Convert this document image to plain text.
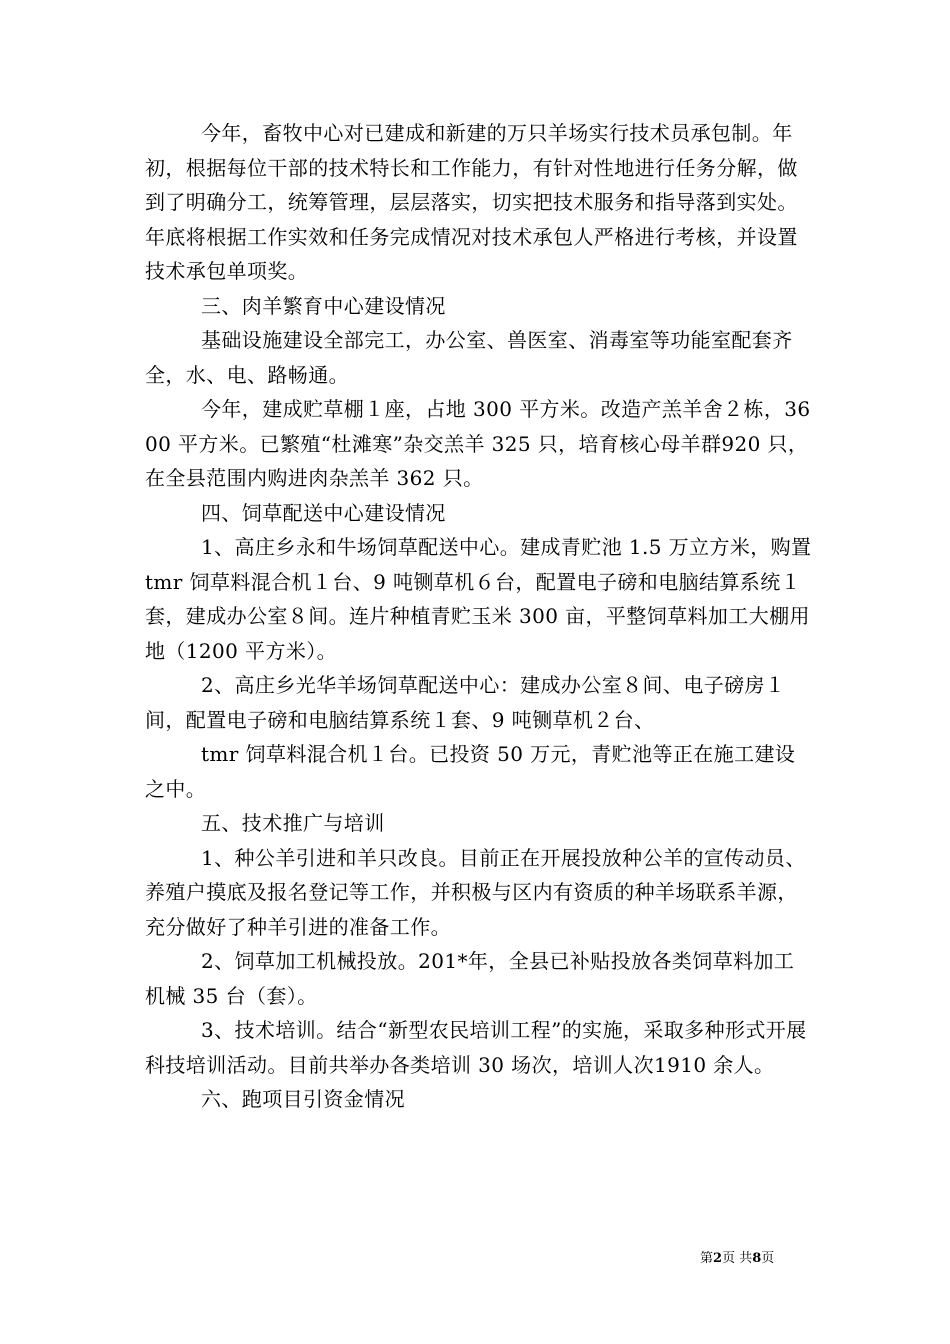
今年，畜牧中心对已建成和新建的万只羊场实行技术员承包制。年初，根据每位干部的技术特长和工作能力，有针对性地进行任务分解，做到了明确分工，统筹管理，层层落实，切实把技术服务和指导落到实处。年底将根据工作实效和任务完成情况对技术承包人严格进行考核，并设置技术承包单项奖。

三、肉羊繁育中心建设情况

基础设施建设全部完工，办公室、兽医室、消毒室等功能室配套齐全，水、电、路畅通。

今年，建成贮草棚１座，占地 300 平方米。改造产羔羊舍２栋，3600 平方米。已繁殖“杜滩寒”杂交羔羊 325 只，培育核心母羊群920 只，在全县范围内购进肉杂羔羊 362 只。

四、饲草配送中心建设情况

1、高庄乡永和牛场饲草配送中心。建成青贮池 1.5 万立方米，购置 tmr 饲草料混合机１台、9 吨铡草机６台，配置电子磅和电脑结算系统１套，建成办公室８间。连片种植青贮玉米 300 亩，平整饲草料加工大棚用地（1200 平方米）。

2、高庄乡光华羊场饲草配送中心：建成办公室８间、电子磅房１间，配置电子磅和电脑结算系统１套、9 吨铡草机２台、

tmr 饲草料混合机１台。已投资 50 万元，青贮池等正在施工建设之中。

五、技术推广与培训

1、种公羊引进和羊只改良。目前正在开展投放种公羊的宣传动员、养殖户摸底及报名登记等工作，并积极与区内有资质的种羊场联系羊源，充分做好了种羊引进的准备工作。

2、饲草加工机械投放。201*年，全县已补贴投放各类饲草料加工机械 35 台（套）。

3、技术培训。结合“新型农民培训工程”的实施，采取多种形式开展科技培训活动。目前共举办各类培训 30 场次，培训人次1910 余人。

六、跑项目引资金情况

第2页 共8页
